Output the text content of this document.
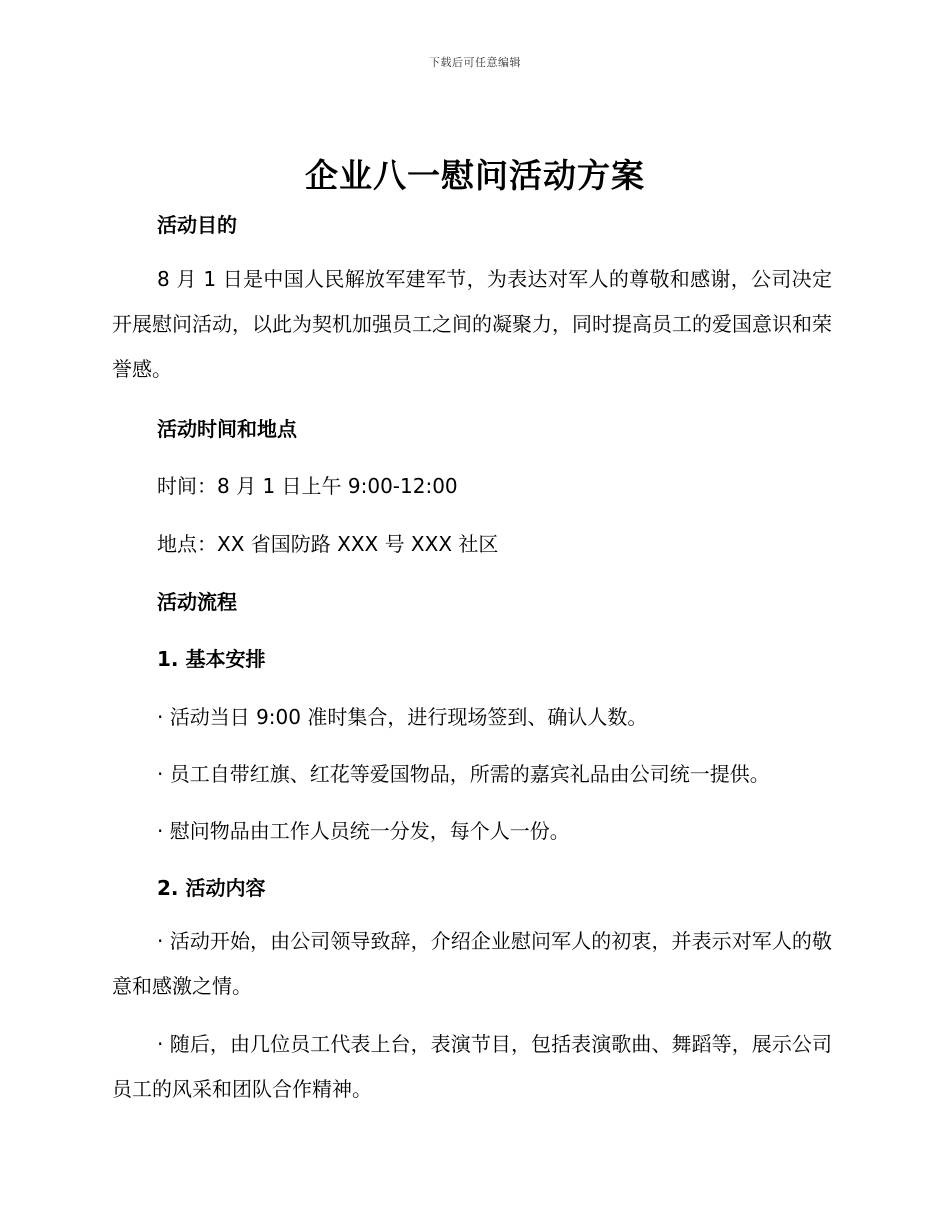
下载后可任意编辑
企业八一慰问活动方案
活动目的
8 月 1 日是中国人民解放军建军节，为表达对军人的尊敬和感谢，公司决定开展慰问活动，以此为契机加强员工之间的凝聚力，同时提高员工的爱国意识和荣誉感。
活动时间和地点
时间：8 月 1 日上午 9:00-12:00
地点：XX 省国防路 XXX 号 XXX 社区
活动流程
1. 基本安排
· 活动当日 9:00 准时集合，进行现场签到、确认人数。
· 员工自带红旗、红花等爱国物品，所需的嘉宾礼品由公司统一提供。
· 慰问物品由工作人员统一分发，每个人一份。
2. 活动内容
· 活动开始，由公司领导致辞，介绍企业慰问军人的初衷，并表示对军人的敬意和感激之情。
· 随后，由几位员工代表上台，表演节目，包括表演歌曲、舞蹈等，展示公司员工的风采和团队合作精神。
